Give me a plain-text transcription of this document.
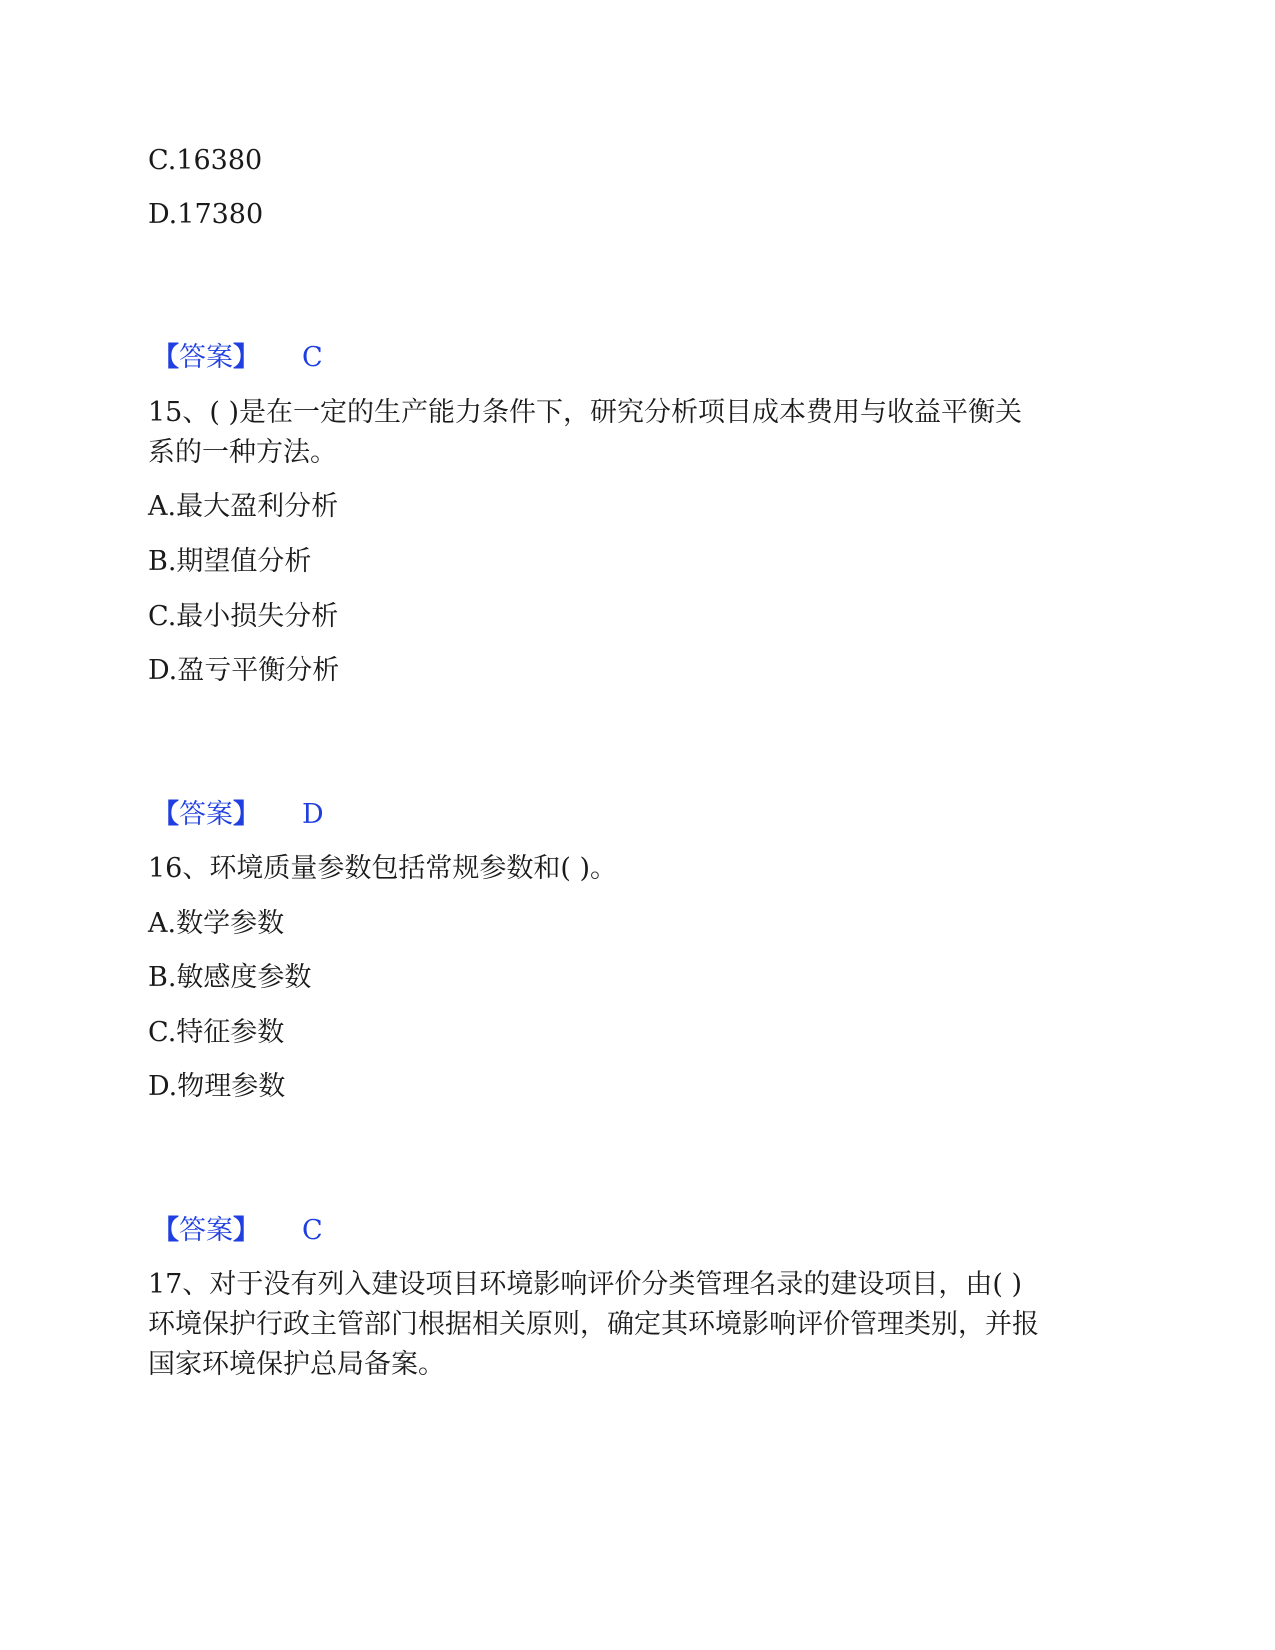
C.16380
D.17380
【答案】 C
15、( )是在一定的生产能力条件下，研究分析项目成本费用与收益平衡关
系的一种方法。
A.最大盈利分析
B.期望值分析
C.最小损失分析
D.盈亏平衡分析
【答案】 D
16、环境质量参数包括常规参数和( )。
A.数学参数
B.敏感度参数
C.特征参数
D.物理参数
【答案】 C
17、对于没有列入建设项目环境影响评价分类管理名录的建设项目，由( )
环境保护行政主管部门根据相关原则，确定其环境影响评价管理类别，并报
国家环境保护总局备案。
